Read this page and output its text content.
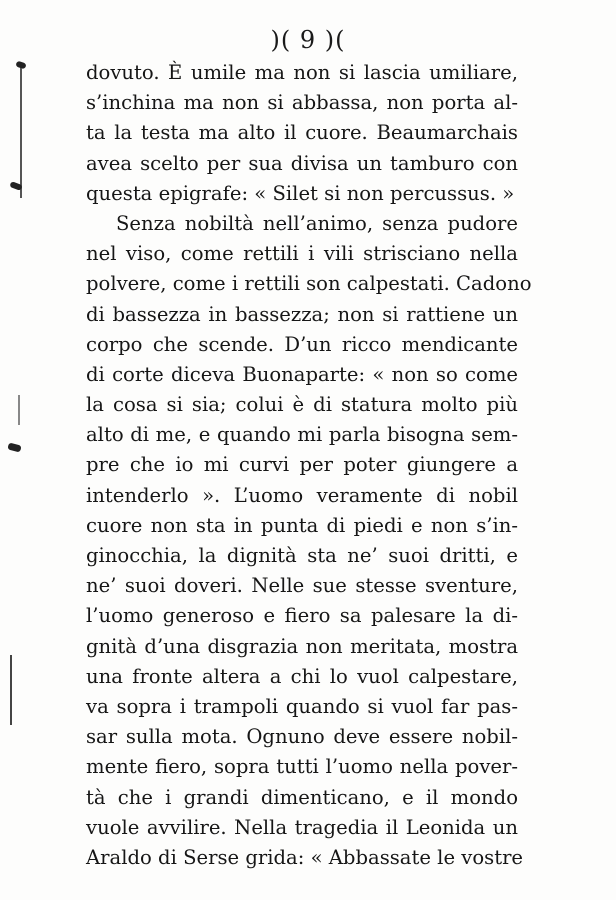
)( 9 )(
dovuto. È umile ma non si lascia umiliare,
s’inchina ma non si abbassa, non porta al-
ta la testa ma alto il cuore. Beaumarchais
avea scelto per sua divisa un tamburo con
questa epigrafe: « Silet si non percussus. »
Senza nobiltà nell’animo, senza pudore
nel viso, come rettili i vili strisciano nella
polvere, come i rettili son calpestati. Cadono
di bassezza in bassezza; non si rattiene un
corpo che scende. D’un ricco mendicante
di corte diceva Buonaparte: « non so come
la cosa si sia; colui è di statura molto più
alto di me, e quando mi parla bisogna sem-
pre che io mi curvi per poter giungere a
intenderlo ». L’uomo veramente di nobil
cuore non sta in punta di piedi e non s’in-
ginocchia, la dignità sta ne’ suoi dritti, e
ne’ suoi doveri. Nelle sue stesse sventure,
l’uomo generoso e fiero sa palesare la di-
gnità d’una disgrazia non meritata, mostra
una fronte altera a chi lo vuol calpestare,
va sopra i trampoli quando si vuol far pas-
sar sulla mota. Ognuno deve essere nobil-
mente fiero, sopra tutti l’uomo nella pover-
tà che i grandi dimenticano, e il mondo
vuole avvilire. Nella tragedia il Leonida un
Araldo di Serse grida: « Abbassate le vostre
